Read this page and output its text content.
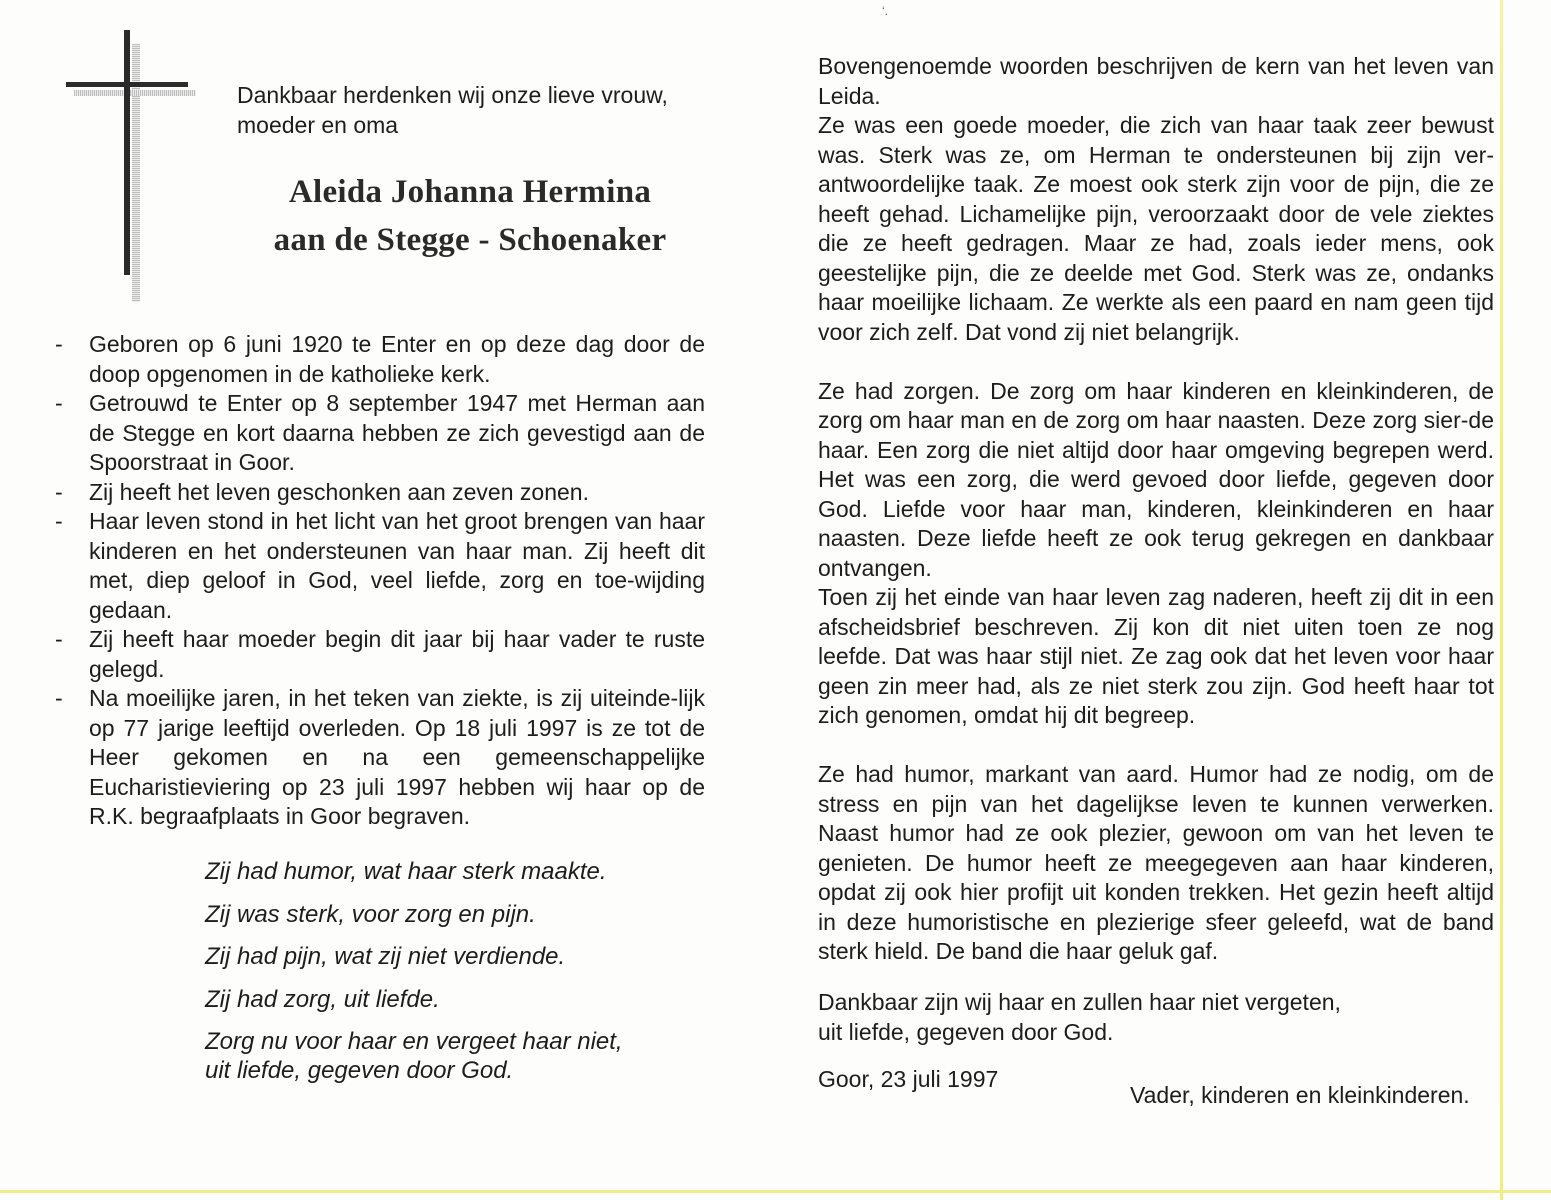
‘.
Dankbaar herdenken wij onze lieve vrouw,
moeder en oma
Aleida Johanna Hermina
aan de Stegge - Schoenaker
- Geboren op 6 juni 1920 te Enter en op deze dag door de doop opgenomen in de katholieke kerk.
- Getrouwd te Enter op 8 september 1947 met Herman aan de Stegge en kort daarna hebben ze zich gevestigd aan de Spoorstraat in Goor.
- Zij heeft het leven geschonken aan zeven zonen.
- Haar leven stond in het licht van het groot brengen van haar kinderen en het ondersteunen van haar man. Zij heeft dit met, diep geloof in God, veel liefde, zorg en toe-wijding gedaan.
- Zij heeft haar moeder begin dit jaar bij haar vader te ruste gelegd.
- Na moeilijke jaren, in het teken van ziekte, is zij uiteinde-lijk op 77 jarige leeftijd overleden. Op 18 juli 1997 is ze tot de Heer gekomen en na een gemeenschappelijke Eucharistieviering op 23 juli 1997 hebben wij haar op de R.K. begraafplaats in Goor begraven.

Zij had humor, wat haar sterk maakte.

Zij was sterk, voor zorg en pijn.

Zij had pijn, wat zij niet verdiende.

Zij had zorg, uit liefde.

Zorg nu voor haar en vergeet haar niet,
uit liefde, gegeven door God.

Bovengenoemde woorden beschrijven de kern van het leven van Leida.

Ze was een goede moeder, die zich van haar taak zeer bewust was. Sterk was ze, om Herman te ondersteunen bij zijn ver-antwoordelijke taak. Ze moest ook sterk zijn voor de pijn, die ze heeft gehad. Lichamelijke pijn, veroorzaakt door de vele ziektes die ze heeft gedragen. Maar ze had, zoals ieder mens, ook geestelijke pijn, die ze deelde met God. Sterk was ze, ondanks haar moeilijke lichaam. Ze werkte als een paard en nam geen tijd voor zich zelf. Dat vond zij niet belangrijk.

Ze had zorgen. De zorg om haar kinderen en kleinkinderen, de zorg om haar man en de zorg om haar naasten. Deze zorg sier-de haar. Een zorg die niet altijd door haar omgeving begrepen werd. Het was een zorg, die werd gevoed door liefde, gegeven door God. Liefde voor haar man, kinderen, kleinkinderen en haar naasten. Deze liefde heeft ze ook terug gekregen en dankbaar ontvangen.

Toen zij het einde van haar leven zag naderen, heeft zij dit in een afscheidsbrief beschreven. Zij kon dit niet uiten toen ze nog leefde. Dat was haar stijl niet. Ze zag ook dat het leven voor haar geen zin meer had, als ze niet sterk zou zijn. God heeft haar tot zich genomen, omdat hij dit begreep.

Ze had humor, markant van aard. Humor had ze nodig, om de stress en pijn van het dagelijkse leven te kunnen verwerken. Naast humor had ze ook plezier, gewoon om van het leven te genieten. De humor heeft ze meegegeven aan haar kinderen, opdat zij ook hier profijt uit konden trekken. Het gezin heeft altijd in deze humoristische en plezierige sfeer geleefd, wat de band sterk hield. De band die haar geluk gaf.

Dankbaar zijn wij haar en zullen haar niet vergeten,
uit liefde, gegeven door God.
Goor, 23 juli 1997
Vader, kinderen en kleinkinderen.
